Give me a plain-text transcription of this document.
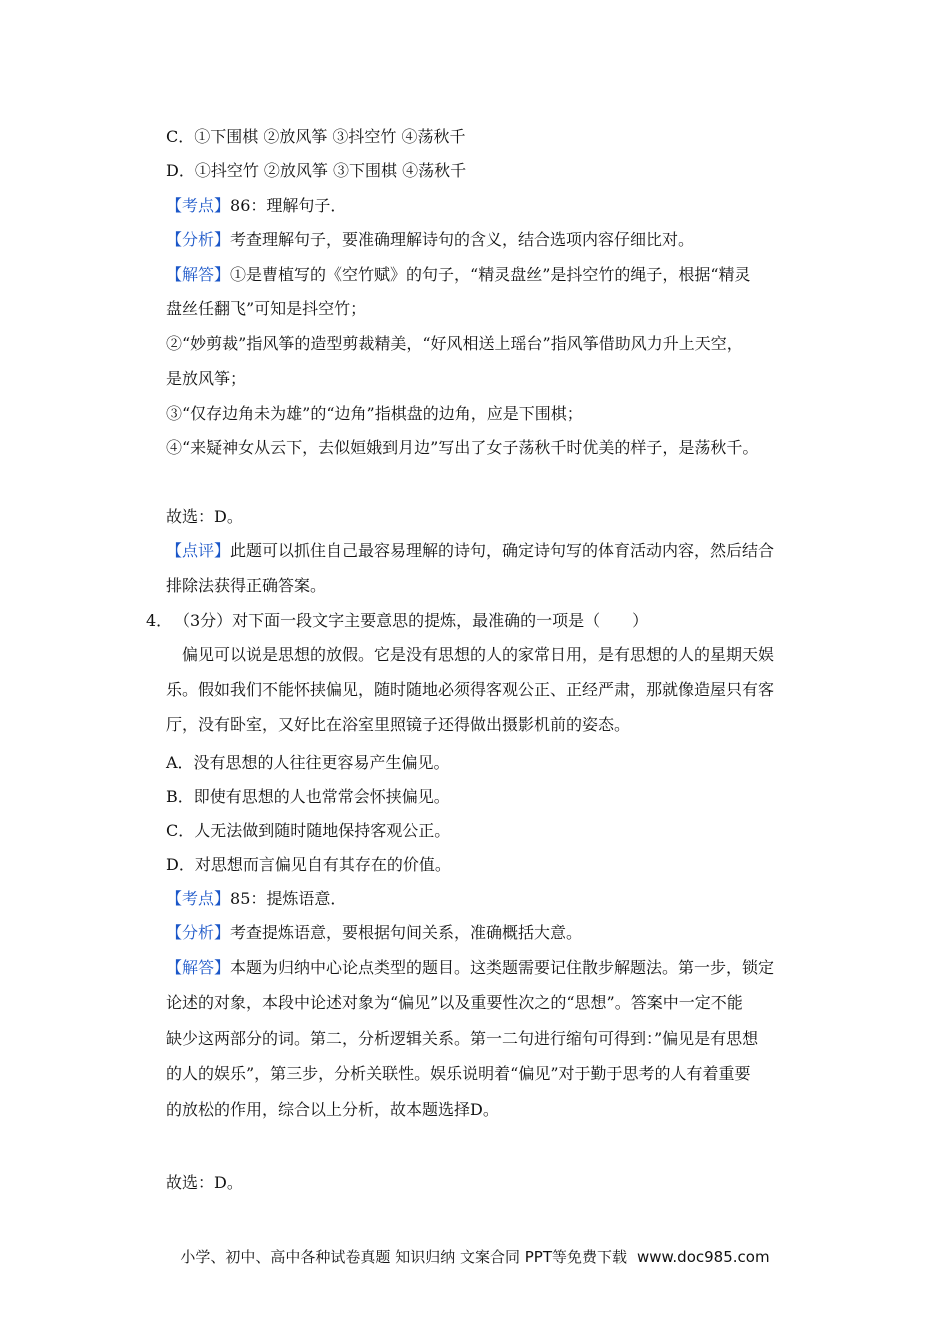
C．①下围棋 ②放风筝 ③抖空竹 ④荡秋千
D．①抖空竹 ②放风筝 ③下围棋 ④荡秋千
【考点】86：理解句子．
【分析】考查理解句子，要准确理解诗句的含义，结合选项内容仔细比对。
【解答】①是曹植写的《空竹赋》的句子，“精灵盘丝”是抖空竹的绳子，根据“精灵
盘丝任翻飞”可知是抖空竹；
②“妙剪裁”指风筝的造型剪裁精美，“好风相送上瑶台”指风筝借助风力升上天空，
是放风筝；
③“仅存边角未为雄”的“边角”指棋盘的边角，应是下围棋；
④“来疑神女从云下，去似姮娥到月边”写出了女子荡秋千时优美的样子，是荡秋千。
故选：D。
【点评】此题可以抓住自己最容易理解的诗句，确定诗句写的体育活动内容，然后结合
排除法获得正确答案。
4． （3分）对下面一段文字主要意思的提炼，最准确的一项是（　　）
偏见可以说是思想的放假。它是没有思想的人的家常日用，是有思想的人的星期天娱
乐。假如我们不能怀挟偏见，随时随地必须得客观公正、正经严肃，那就像造屋只有客
厅，没有卧室，又好比在浴室里照镜子还得做出摄影机前的姿态。
A．没有思想的人往往更容易产生偏见。
B．即使有思想的人也常常会怀挟偏见。
C．人无法做到随时随地保持客观公正。
D．对思想而言偏见自有其存在的价值。
【考点】85：提炼语意．
【分析】考查提炼语意，要根据句间关系，准确概括大意。
【解答】本题为归纳中心论点类型的题目。这类题需要记住散步解题法。第一步，锁定
论述的对象，本段中论述对象为“偏见”以及重要性次之的“思想”。答案中一定不能
缺少这两部分的词。第二，分析逻辑关系。第一二句进行缩句可得到：”偏见是有思想
的人的娱乐”，第三步，分析关联性。娱乐说明着“偏见”对于勤于思考的人有着重要
的放松的作用，综合以上分析，故本题选择D。
故选：D。
小学、初中、高中各种试卷真题 知识归纳 文案合同 PPT等免费下载 www.doc985.com
